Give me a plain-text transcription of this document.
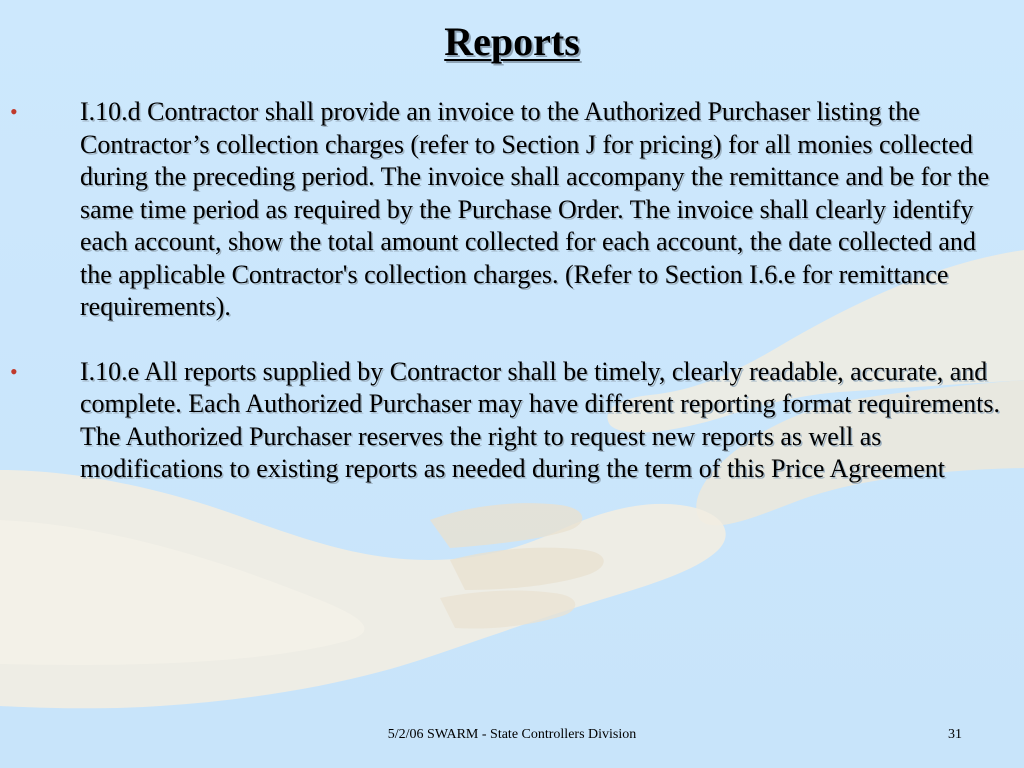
Reports
•	I.10.d Contractor shall provide an invoice to the Authorized Purchaser listing the Contractor’s collection charges (refer to Section J for pricing) for all monies collected during the preceding period. The invoice shall accompany the remittance and be for the same time period as required by the Purchase Order. The invoice shall clearly identify each account, show the total amount collected for each account, the date collected and the applicable Contractor's collection charges. (Refer to Section I.6.e for remittance requirements).
•	I.10.e All reports supplied by Contractor shall be timely, clearly readable, accurate, and complete. Each Authorized Purchaser may have different reporting format requirements. The Authorized Purchaser reserves the right to request new reports as well as modifications to existing reports as needed during the term of this Price Agreement
5/2/06 SWARM - State Controllers Division	31
